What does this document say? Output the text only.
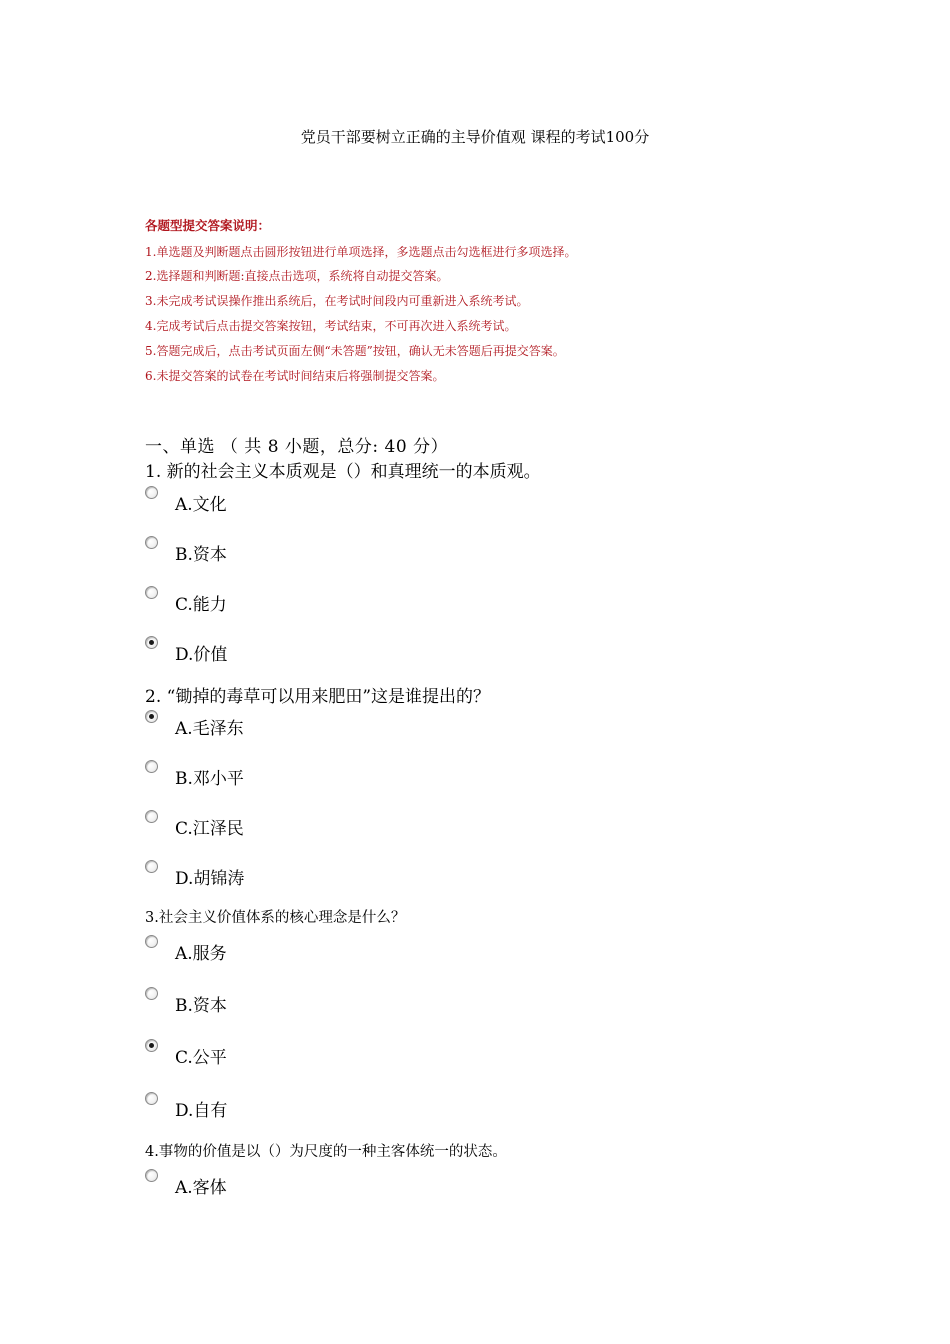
党员干部要树立正确的主导价值观 课程的考试100分
各题型提交答案说明：
1.单选题及判断题点击圆形按钮进行单项选择，多选题点击勾选框进行多项选择。
2.选择题和判断题:直接点击选项，系统将自动提交答案。
3.未完成考试误操作推出系统后，在考试时间段内可重新进入系统考试。
4.完成考试后点击提交答案按钮，考试结束，不可再次进入系统考试。
5.答题完成后，点击考试页面左侧“未答题”按钮，确认无未答题后再提交答案。
6.未提交答案的试卷在考试时间结束后将强制提交答案。
一、单选 （ 共 8 小题，总分: 40 分）
1. 新的社会主义本质观是（）和真理统一的本质观。
A.文化
B.资本
C.能力
D.价值
2. “锄掉的毒草可以用来肥田”这是谁提出的？
A.毛泽东
B.邓小平
C.江泽民
D.胡锦涛
3.社会主义价值体系的核心理念是什么？
A.服务
B.资本
C.公平
D.自有
4.事物的价值是以（）为尺度的一种主客体统一的状态。
A.客体
